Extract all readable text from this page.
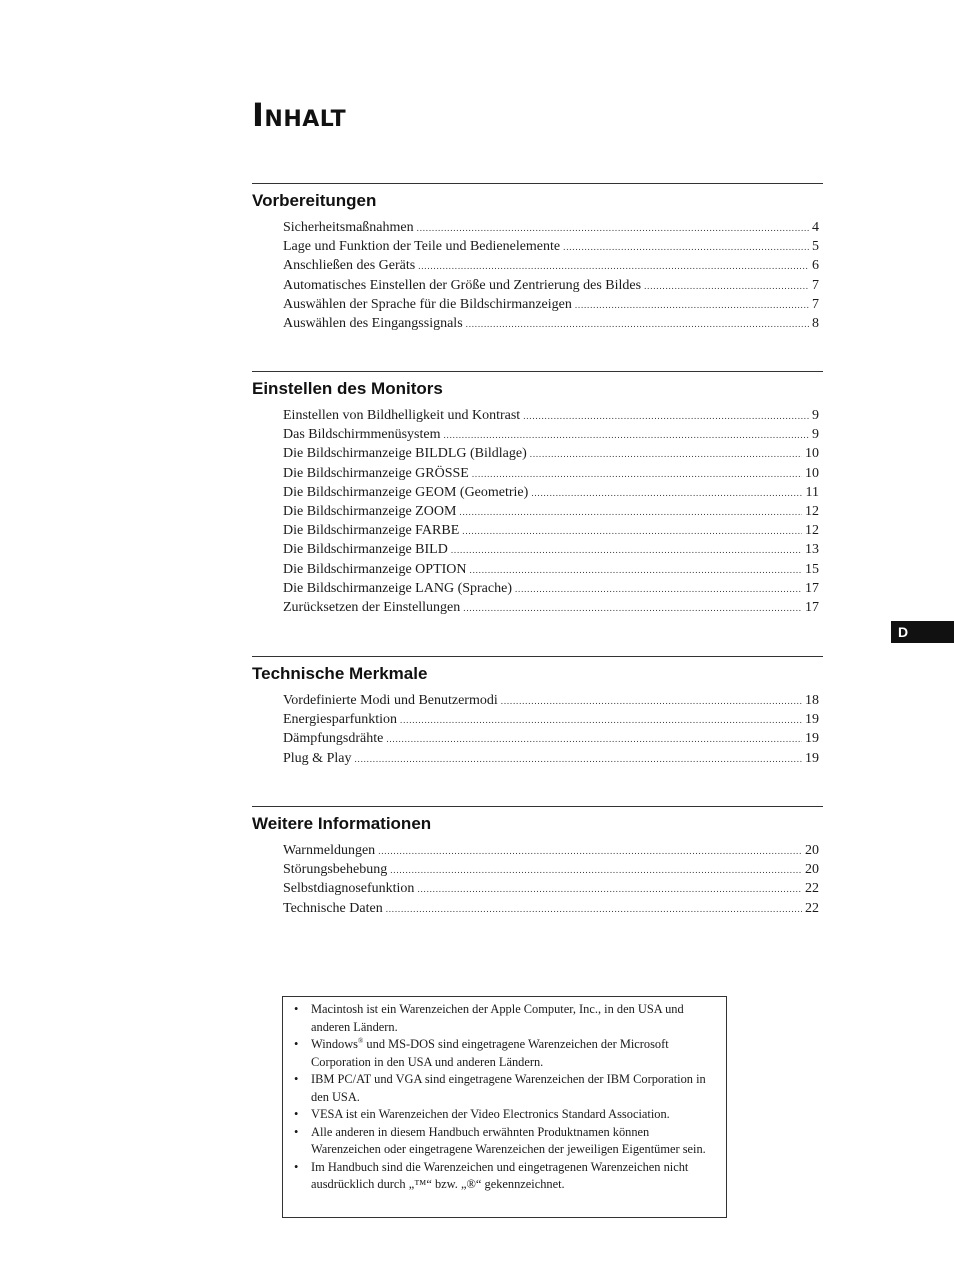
Inhalt
Vorbereitungen
Sicherheitsmaßnahmen .....	4
Lage und Funktion der Teile und Bedienelemente .....	5
Anschließen des Geräts .....	6
Automatisches Einstellen der Größe und Zentrierung des Bildes .....	7
Auswählen der Sprache für die Bildschirmanzeigen .....	7
Auswählen des Eingangssignals .....	8
Einstellen des Monitors
Einstellen von Bildhelligkeit und Kontrast .....	9
Das Bildschirmmenüsystem .....	9
Die Bildschirmanzeige BILDLG (Bildlage) .....	10
Die Bildschirmanzeige GRÖSSE .....	10
Die Bildschirmanzeige GEOM (Geometrie) .....	11
Die Bildschirmanzeige ZOOM .....	12
Die Bildschirmanzeige FARBE .....	12
Die Bildschirmanzeige BILD .....	13
Die Bildschirmanzeige OPTION .....	15
Die Bildschirmanzeige LANG (Sprache) .....	17
Zurücksetzen der Einstellungen .....	17
Technische Merkmale
Vordefinierte Modi und Benutzermodi .....	18
Energiesparfunktion .....	19
Dämpfungsdrähte .....	19
Plug & Play .....	19
Weitere Informationen
Warnmeldungen .....	20
Störungsbehebung .....	20
Selbstdiagnosefunktion .....	22
Technische Daten .....	22
D
•	Macintosh ist ein Warenzeichen der Apple Computer, Inc., in den USA und anderen Ländern.
•	Windows® und MS-DOS sind eingetragene Warenzeichen der Microsoft Corporation in den USA und anderen Ländern.
•	IBM PC/AT und VGA sind eingetragene Warenzeichen der IBM Corporation in den USA.
•	VESA ist ein Warenzeichen der Video Electronics Standard Association.
•	Alle anderen in diesem Handbuch erwähnten Produktnamen können Warenzeichen oder eingetragene Warenzeichen der jeweiligen Eigentümer sein.
•	Im Handbuch sind die Warenzeichen und eingetragenen Warenzeichen nicht ausdrücklich durch „™“ bzw. „®“ gekennzeichnet.
